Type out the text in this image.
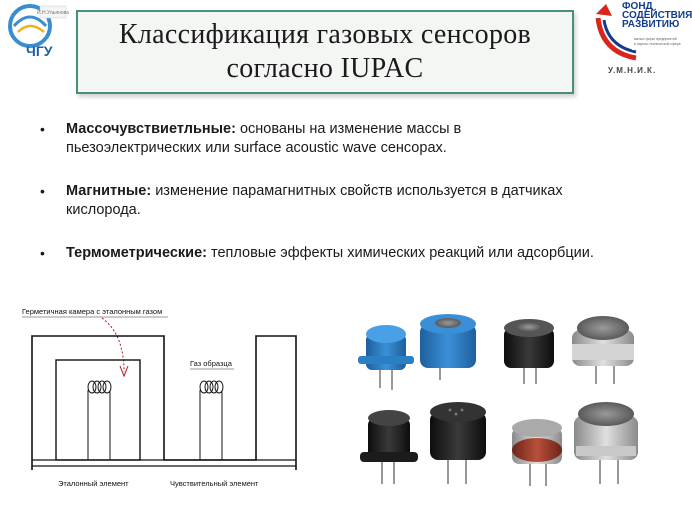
И.Н.Ульянова
ЧГУ
Классификация газовых сенсоров
согласно IUPAC
малых форм предприятий
в научно-технической сфере
ФОНД
СОДЕЙСТВИЯ
РАЗВИТИЮ
У.М.Н.И.К.
• Массочувствиетльные: основаны на изменение массы в пьезоэлектрических или surface acoustic wave сенсорах.
• Магнитные: изменение парамагнитных свойств используется в датчиках кислорода.
• Термометрические: тепловые эффекты химических реакций или адсорбции.
Герметичная камера с эталонным газом
Газ образца
Эталонный элемент	Чувствительный элемент
